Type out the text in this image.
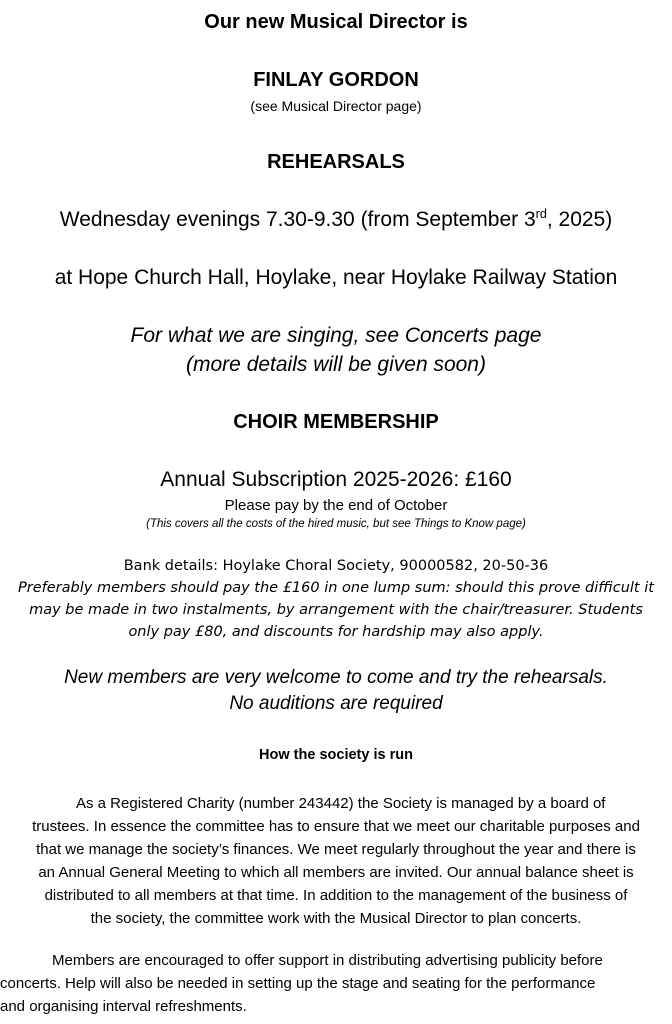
Our new Musical Director is
FINLAY GORDON
(see Musical Director page)
REHEARSALS
Wednesday evenings 7.30-9.30 (from September 3rd, 2025)
at Hope Church Hall, Hoylake, near Hoylake Railway Station
For what we are singing, see Concerts page
(more details will be given soon)
CHOIR MEMBERSHIP
Annual Subscription 2025-2026: £160
Please pay by the end of October
(This covers all the costs of the hired music, but see Things to Know page)
Bank details: Hoylake Choral Society, 90000582, 20-50-36
Preferably members should pay the £160 in one lump sum: should this prove difficult it
may be made in two instalments, by arrangement with the chair/treasurer. Students
only pay £80, and discounts for hardship may also apply.
New members are very welcome to come and try the rehearsals.
No auditions are required
How the society is run
As a Registered Charity (number 243442) the Society is managed by a board of
trustees. In essence the committee has to ensure that we meet our charitable purposes and
that we manage the society’s finances. We meet regularly throughout the year and there is
an Annual General Meeting to which all members are invited. Our annual balance sheet is
distributed to all members at that time. In addition to the management of the business of
the society, the committee work with the Musical Director to plan concerts.
Members are encouraged to offer support in distributing advertising publicity before
concerts. Help will also be needed in setting up the stage and seating for the performance
and organising interval refreshments.
